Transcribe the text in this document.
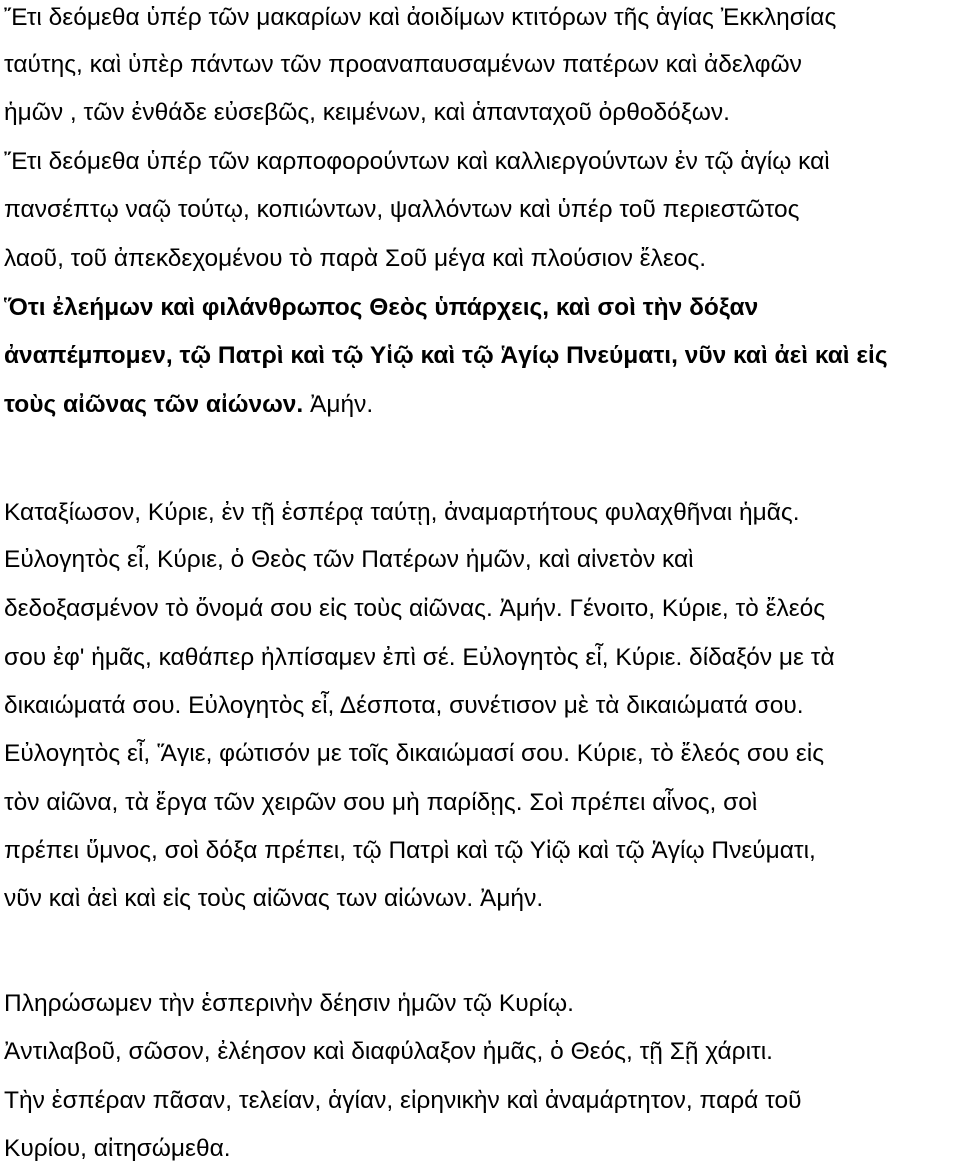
Ἔτι δεόμεθα ὑπέρ τῶν μακαρίων καὶ ἀοιδίμων κτιτόρων τῆς ἁγίας Ἐκκλησίας
ταύτης, καὶ ὑπὲρ πάντων τῶν προαναπαυσαμένων πατέρων καὶ ἀδελφῶν
ἡμῶν , τῶν ἐνθάδε εὐσεβῶς, κειμένων, καὶ ἁπανταχοῦ ὀρθοδόξων.
Ἔτι δεόμεθα ὑπέρ τῶν καρποφορούντων καὶ καλλιεργούντων ἐν τῷ ἁγίῳ καὶ
πανσέπτῳ ναῷ τούτῳ, κοπιώντων, ψαλλόντων καὶ ὑπέρ τοῦ περιεστῶτος
λαοῦ, τοῦ ἀπεκδεχομένου τὸ παρὰ Σοῦ μέγα καὶ πλούσιον ἔλεος.
Ὅτι ἐλεήμων καὶ φιλάνθρωπος Θεὸς ὑπάρχεις, καὶ σοὶ τὴν δόξαν
ἀναπέμπομεν, τῷ Πατρὶ καὶ τῷ Υἱῷ καὶ τῷ Ἁγίῳ Πνεύματι, νῦν καὶ ἀεὶ καὶ εἰς
τοὺς αἰῶνας τῶν αἰώνων. Ἀμήν.
Καταξίωσον, Κύριε, ἐν τῇ ἑσπέρᾳ ταύτῃ, ἀναμαρτήτους φυλαχθῆναι ἡμᾶς.
Εὐλογητὸς εἶ, Κύριε, ὁ Θεὸς τῶν Πατέρων ἡμῶν, καὶ αἰνετὸν καὶ
δεδοξασμένον τὸ ὄνομά σου εἰς τοὺς αἰῶνας. Ἀμήν. Γένοιτο, Κύριε, τὸ ἔλεός
σου ἐφ' ἡμᾶς, καθάπερ ἠλπίσαμεν ἐπὶ σέ. Εὐλογητὸς εἶ, Κύριε. δίδαξόν με τὰ
δικαιώματά σου. Εὐλογητὸς εἶ, Δέσποτα, συνέτισον μὲ τὰ δικαιώματά σου.
Εὐλογητὸς εἶ, Ἅγιε, φώτισόν με τοῖς δικαιώμασί σου. Κύριε, τὸ ἔλεός σου εἰς
τὸν αἰῶνα, τὰ ἔργα τῶν χειρῶν σου μὴ παρίδῃς. Σοὶ πρέπει αἶνος, σοὶ
πρέπει ὕμνος, σοὶ δόξα πρέπει, τῷ Πατρὶ καὶ τῷ Υἱῷ καὶ τῷ Ἁγίῳ Πνεύματι,
νῦν καὶ ἀεὶ καὶ εἰς τοὺς αἰῶνας των αἰώνων. Ἀμήν.
Πληρώσωμεν τὴν ἑσπερινὴν δέησιν ἡμῶν τῷ Κυρίῳ.
Ἀντιλαβοῦ, σῶσον, ἐλέησον καὶ διαφύλαξον ἡμᾶς, ὁ Θεός, τῇ Σῇ χάριτι.
Τὴν ἑσπέραν πᾶσαν, τελείαν, ἁγίαν, εἰρηνικὴν καὶ ἀναμάρτητον, παρά τοῦ
Κυρίου, αἰτησώμεθα.
